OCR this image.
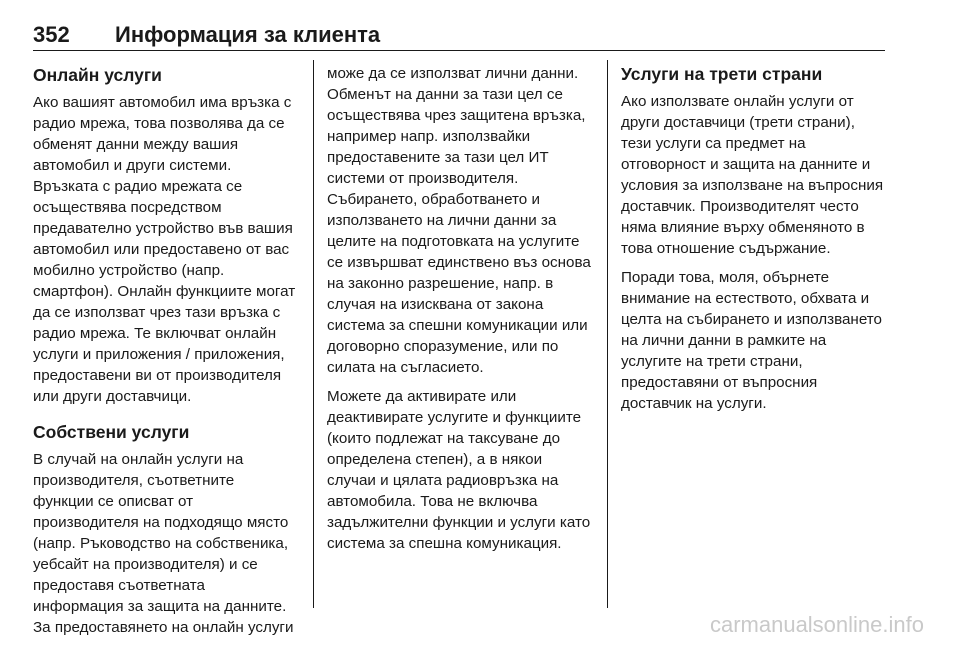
352	Информация за клиента
Онлайн услуги

Ако вашият автомобил има връзка с радио мрежа, това позволява да се обменят данни между вашия автомобил и други системи. Връзката с радио мрежата се осъществява посредством предавателно устройство във вашия автомобил или предоставено от вас мобилно устройство (напр. смартфон). Онлайн функциите могат да се използват чрез тази връзка с радио мрежа. Те включват онлайн услуги и приложения / приложения, предоставени ви от производителя или други доставчици.

Собствени услуги

В случай на онлайн услуги на производителя, съответните функции се описват от производителя на подходящо място (напр. Ръководство на собственика, уебсайт на производителя) и се предоставя съответната информация за защита на данните. За предоставянето на онлайн услуги

може да се използват лични данни. Обменът на данни за тази цел се осъществява чрез защитена връзка, например напр. използвайки предоставените за тази цел ИТ системи от производителя. Събирането, обработването и използването на лични данни за целите на подготовката на услугите се извършват единствено въз основа на законно разрешение, напр. в случая на изисквана от закона система за спешни комуникации или договорно споразумение, или по силата на съгласието.

Можете да активирате или деактивирате услугите и функциите (които подлежат на таксуване до определена степен), а в някои случаи и цялата радиовръзка на автомобила. Това не включва задължителни функции и услуги като система за спешна комуникация.

Услуги на трети страни

Ако използвате онлайн услуги от други доставчици (трети страни), тези услуги са предмет на отговорност и защита на данните и условия за използване на въпросния доставчик. Производителят често няма влияние върху обменяното в това отношение съдържание.

Поради това, моля, обърнете внимание на естеството, обхвата и целта на събирането и използването на лични данни в рамките на услугите на трети страни, предоставяни от въпросния доставчик на услуги.

carmanualsonline.info
